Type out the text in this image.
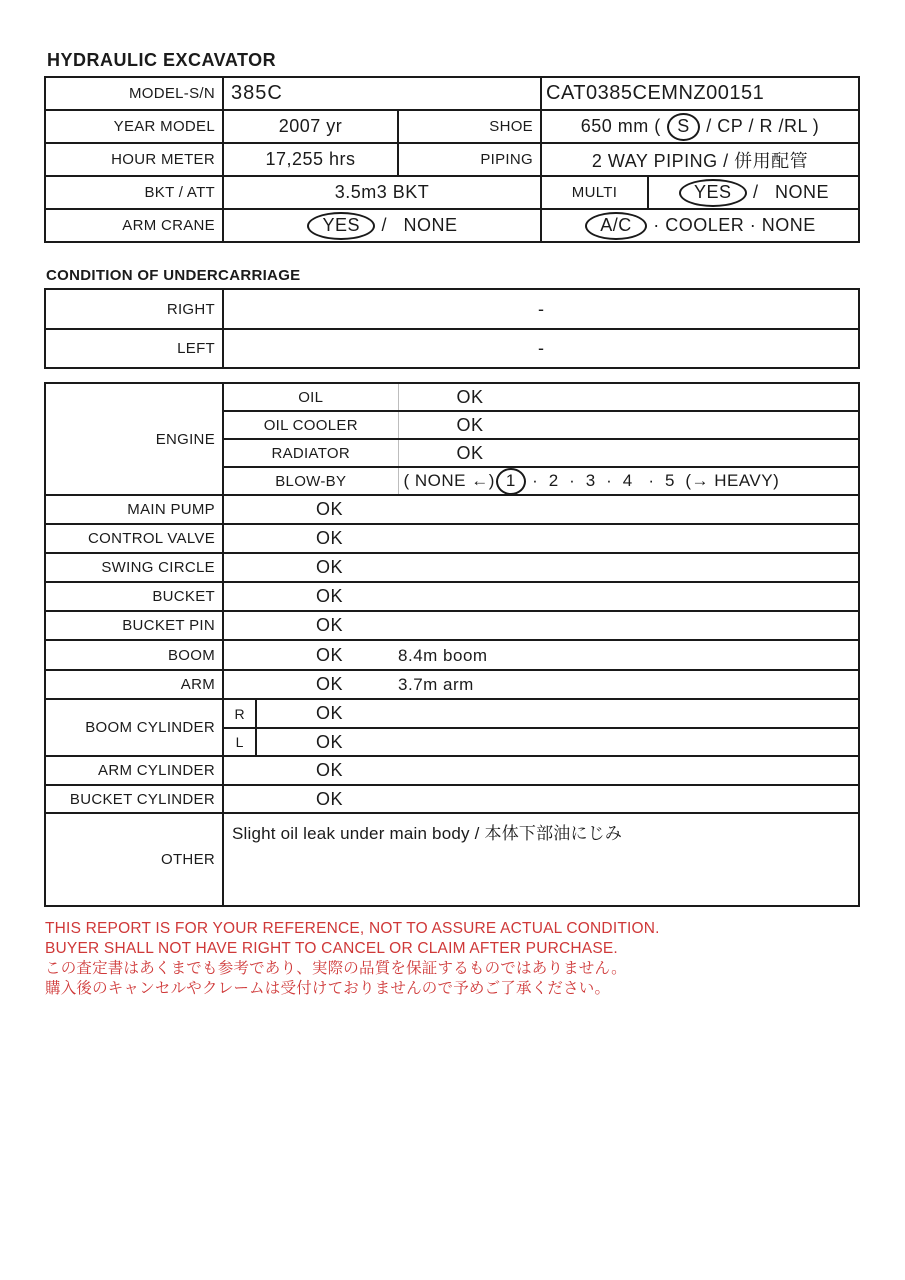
HYDRAULIC EXCAVATOR
MODEL-S/N	385C		CAT0385CEMNZ00151	
YEAR MODEL	2007 yr	SHOE	650 mm ( S / CP / R /RL )	
HOUR METER	17,255 hrs	PIPING	2 WAY PIPING / 併用配管	
BKT / ATT	3.5m3 BKT		MULTI	YES /   NONE
ARM CRANE	YES /   NONE		A/C · COOLER · NONE	
CONDITION OF UNDERCARRIAGE
RIGHT	-
LEFT	-
ENGINE	OIL		OK
	OIL COOLER		OK
	RADIATOR		OK
	BLOW-BY		( NONE ←) 1 ·  2  ·  3  ·  4   ·  5  (→ HEAVY)
MAIN PUMP	OK		
CONTROL VALVE	OK		
SWING CIRCLE	OK		
BUCKET	OK		
BUCKET PIN	OK		
BOOM	OK 8.4m boom		
ARM	OK 3.7m arm		
BOOM CYLINDER	R	OK	
	L	OK	
ARM CYLINDER	OK		
BUCKET CYLINDER	OK		
OTHER	Slight oil leak under main body / 本体下部油にじみ		
THIS REPORT IS FOR YOUR REFERENCE, NOT TO ASSURE ACTUAL CONDITION.
BUYER SHALL NOT HAVE RIGHT TO CANCEL OR CLAIM AFTER PURCHASE.
この査定書はあくまでも参考であり、実際の品質を保証するものではありません。
購入後のキャンセルやクレームは受付けておりませんので予めご了承ください。
